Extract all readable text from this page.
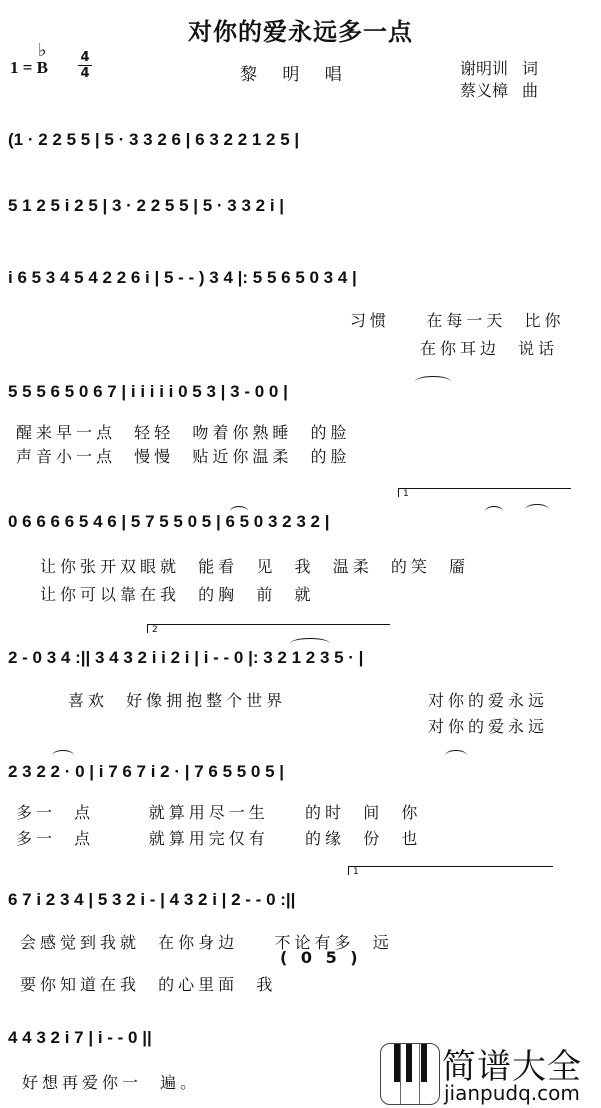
对你的爱永远多一点
♭
1 = B
4
4	黎 明 唱	谢明训 词
蔡义樟 曲
(1 · 2 2 5 5 | 5 · 3 3 2 6 | 6 3 2 2 1 2 5 |
5 1 2 5 i 2 5 | 3 · 2 2 5 5 | 5 · 3 3 2 i |
i 6 5 3 4 5 4 2 2 6 i | 5 - - ) 3 4 |: 5 5 6 5 0 3 4 |
习惯    在每一天  比你
在你耳边  说话
5 5 5 6 5 0 6 7 | i i i i i 0 5 3 | 3 - 0 0 |
醒来早一点  轻轻  吻着你熟睡  的脸
声音小一点  慢慢  贴近你温柔  的脸
1
0 6 6 6 6 5 4 6 | 5 7 5 5 0 5 | 6 5 0 3 2 3 2 |
让你张开双眼就  能看  见  我  温柔  的笑  靥
让你可以靠在我  的胸  前  就
2
2 - 0 3 4 :|| 3 4 3 2 i i 2 i | i - - 0 |: 3 2 1 2 3 5 · |
喜欢  好像拥抱整个世界	对你的爱永远
对你的爱永远
2 3 2 2 · 0 | i 7 6 7 i 2 · | 7 6 5 5 0 5 |
多一  点      就算用尽一生    的时  间  你
多一  点      就算用完仅有    的缘  份  也
1
6 7 i 2 3 4 | 5 3 2 i - | 4 3 2 i | 2 - - 0 :||
会感觉到我就  在你身边    不论有多  远
( 0 5 )
要你知道在我  的心里面  我
4 4 3 2 i 7 | i - - 0 ||
好想再爱你一  遍。	简谱大全
jianpudq.com
